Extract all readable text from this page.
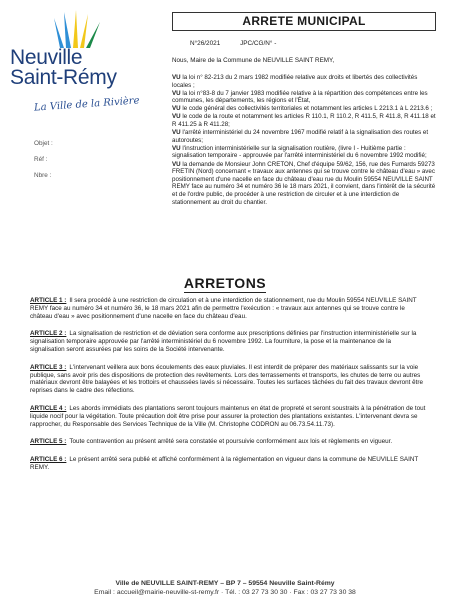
Neuville
Saint-Rémy
La Ville de la Rivière
Objet :
Réf :
Nbre :
ARRETE MUNICIPAL
N°26/2021	JPC/CG/N° -
Nous, Maire de la Commune de NEUVILLE SAINT REMY,

VU la loi n° 82-213 du 2 mars 1982 modifiée relative aux droits et libertés des collectivités locales ;

VU la loi n°83-8 du 7 janvier 1983 modifiée relative à la répartition des compétences entre les communes, les départements, les régions et l'État,

VU le code général des collectivités territoriales et notamment les articles L 2213.1 à L 2213.6 ;

VU le code de la route et notamment les articles R 110.1, R 110.2, R 411.5, R 411.8, R 411.18 et R 411.25 à R 411.28;

VU l'arrêté interministériel du 24 novembre 1967 modifié relatif à la signalisation des routes et autoroutes;

VU l'instruction interministérielle sur la signalisation routière, (livre I - Huitième partie : signalisation temporaire - approuvée par l'arrêté interministériel du 6 novembre 1992 modifié;

VU la demande de Monsieur John CRETON, Chef d'équipe 59/62, 156, rue des Fumards 59273 FRETIN (Nord) concernant « travaux aux antennes qui se trouve contre le château d'eau » avec positionnement d'une nacelle en face du château d'eau rue du Moulin 59554 NEUVILLE SAINT REMY face au numéro 34 et numéro 36 le 18 mars 2021, il convient, dans l'intérêt de la sécurité et de l'ordre public, de procéder à une restriction de circuler et à une interdiction de stationnement au droit du chantier.

ARRETONS

ARTICLE 1 : Il sera procédé à une restriction de circulation et à une interdiction de stationnement, rue du Moulin 59554 NEUVILLE SAINT REMY face au numéro 34 et numéro 36, le 18 mars 2021 afin de permettre l'exécution : « travaux aux antennes qui se trouve contre le château d'eau » avec positionnement d'une nacelle en face du château d'eau.

ARTICLE 2 : La signalisation de restriction et de déviation sera conforme aux prescriptions définies par l'instruction interministérielle sur la signalisation temporaire approuvée par l'arrêté interministériel du 6 novembre 1992. La fourniture, la pose et la maintenance de la signalisation seront assurées par les soins de la Société intervenante.

ARTICLE 3 : L'intervenant veillera aux bons écoulements des eaux pluviales. Il est interdit de préparer des matériaux salissants sur la voie publique, sans avoir pris des dispositions de protection des revêtements. Lors des terrassements et transports, les chutes de terre ou autres matériaux devront être balayées et les trottoirs et chaussées lavés si nécessaire. Toutes les surfaces tâchées du fait des travaux devront être reprises dans le cadre des réfections.

ARTICLE 4 : Les abords immédiats des plantations seront toujours maintenus en état de propreté et seront soustraits à la pénétration de tout liquide nocif pour la végétation. Toute précaution doit être prise pour assurer la protection des plantations existantes. L'intervenant devra se rapprocher, du Responsable des Services Technique de la Ville (M. Christophe CODRON au 06.73.54.11.73).

ARTICLE 5 : Toute contravention au présent arrêté sera constatée et poursuivie conformément aux lois et règlements en vigueur.

ARTICLE 6 : Le présent arrêté sera publié et affiché conformément à la réglementation en vigueur dans la commune de NEUVILLE SAINT REMY.

Ville de NEUVILLE SAINT-REMY – BP 7 – 59554 Neuville Saint-Rémy
Email : accueil@mairie-neuville-st-remy.fr · Tél. : 03 27 73 30 30 · Fax : 03 27 73 30 38
